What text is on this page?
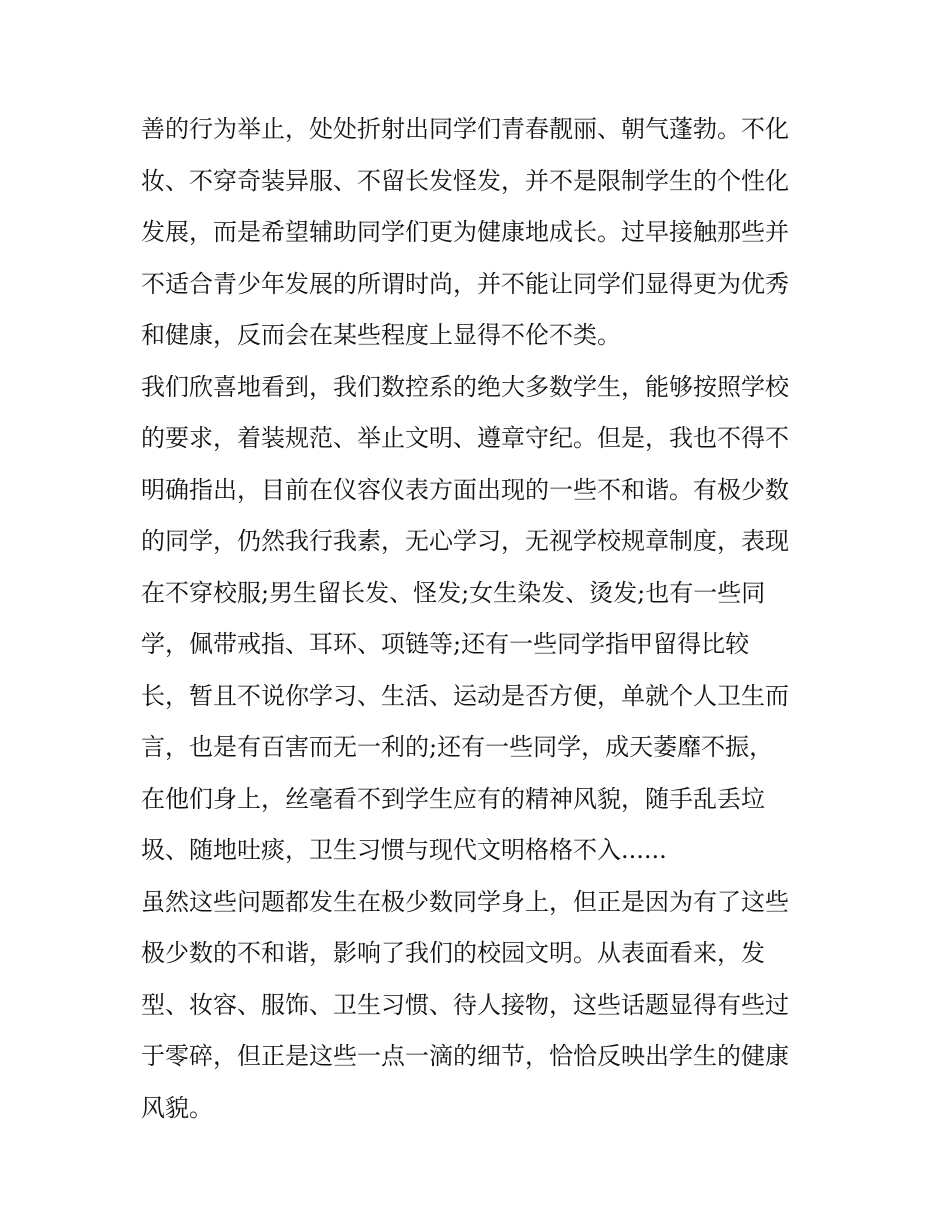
善的行为举止，处处折射出同学们青春靓丽、朝气蓬勃。不化
妆、不穿奇装异服、不留长发怪发，并不是限制学生的个性化
发展，而是希望辅助同学们更为健康地成长。过早接触那些并
不适合青少年发展的所谓时尚，并不能让同学们显得更为优秀
和健康，反而会在某些程度上显得不伦不类。

我们欣喜地看到，我们数控系的绝大多数学生，能够按照学校
的要求，着装规范、举止文明、遵章守纪。但是，我也不得不
明确指出，目前在仪容仪表方面出现的一些不和谐。有极少数
的同学，仍然我行我素，无心学习，无视学校规章制度，表现
在不穿校服;男生留长发、怪发;女生染发、烫发;也有一些同
学，佩带戒指、耳环、项链等;还有一些同学指甲留得比较
长，暂且不说你学习、生活、运动是否方便，单就个人卫生而
言，也是有百害而无一利的;还有一些同学，成天萎靡不振，
在他们身上，丝毫看不到学生应有的精神风貌，随手乱丢垃
圾、随地吐痰，卫生习惯与现代文明格格不入......

虽然这些问题都发生在极少数同学身上，但正是因为有了这些
极少数的不和谐，影响了我们的校园文明。从表面看来，发
型、妆容、服饰、卫生习惯、待人接物，这些话题显得有些过
于零碎，但正是这些一点一滴的细节，恰恰反映出学生的健康
风貌。
